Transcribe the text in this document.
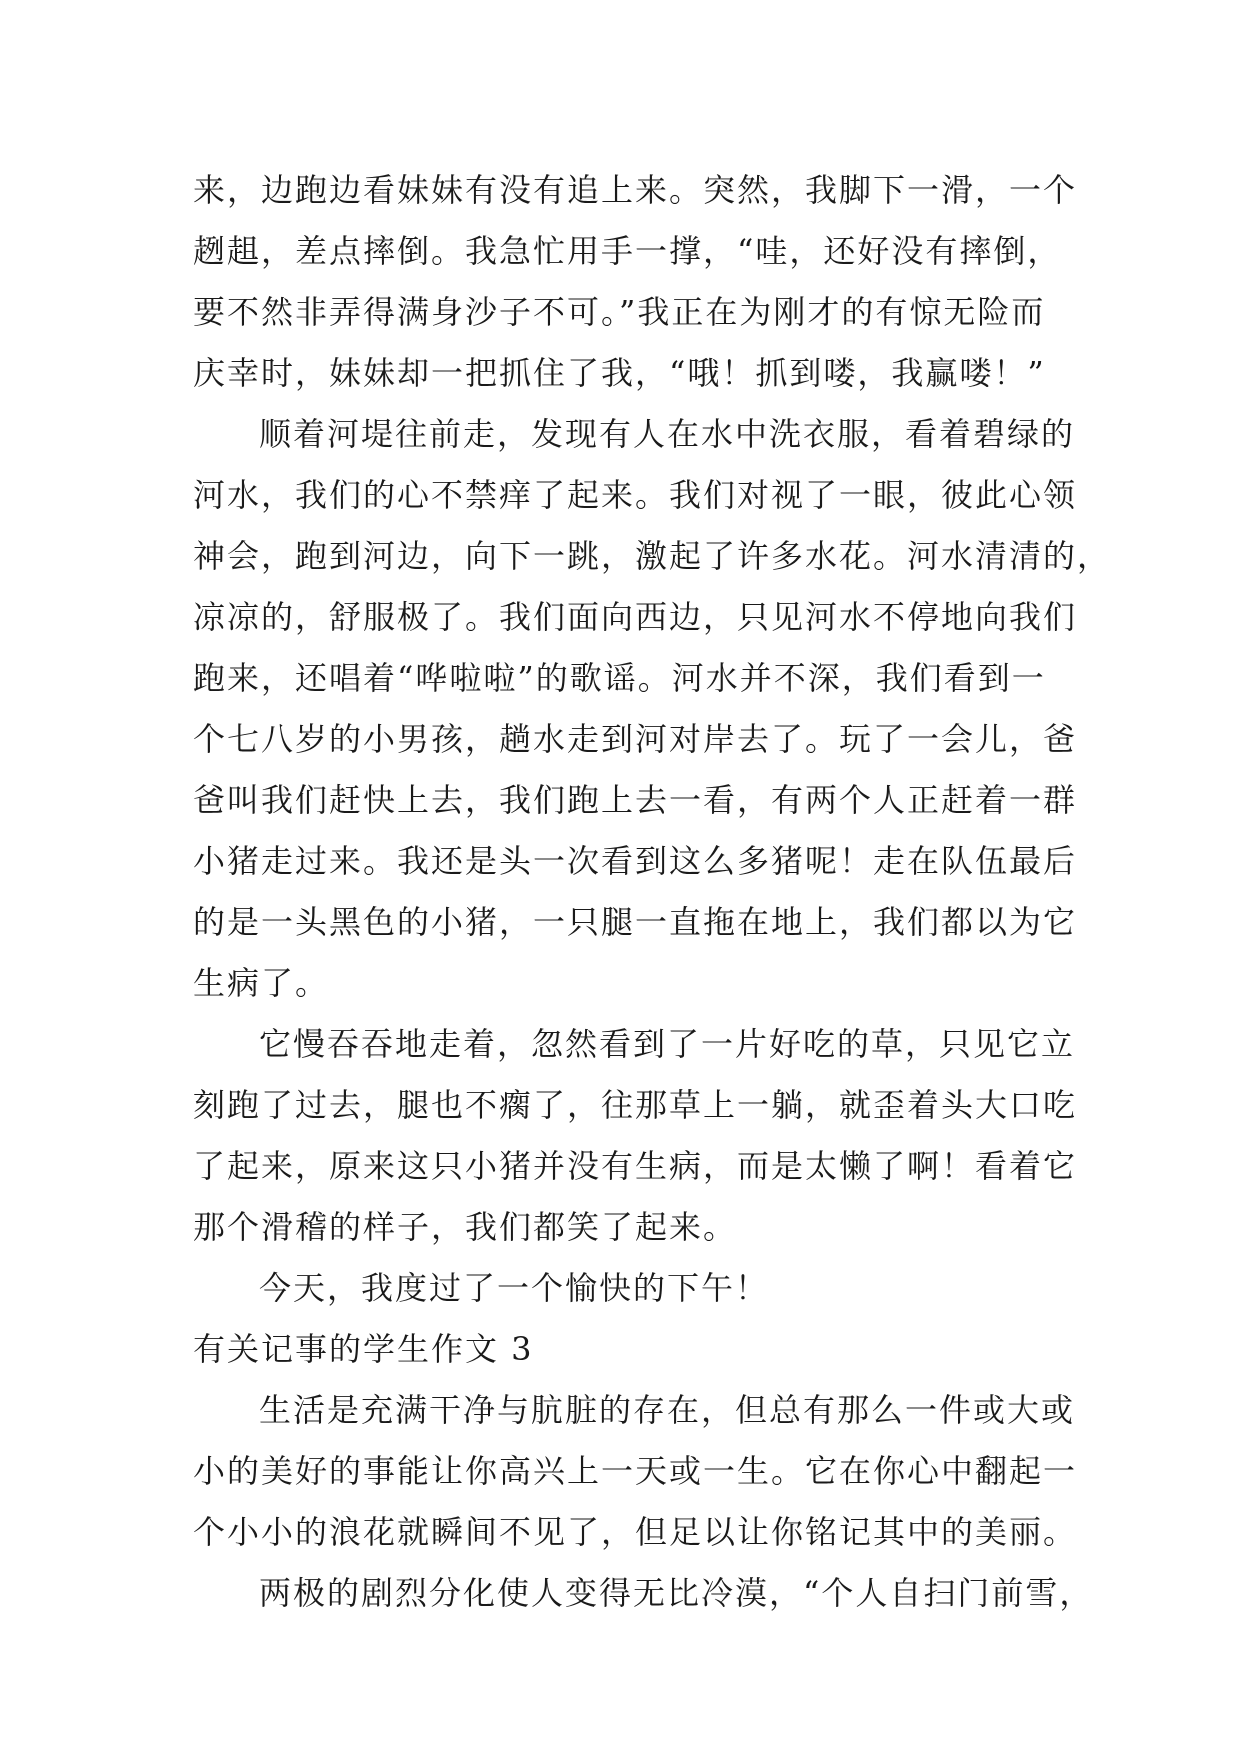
来，边跑边看妹妹有没有追上来。突然，我脚下一滑，一个
趔趄，差点摔倒。我急忙用手一撑，“哇，还好没有摔倒，
要不然非弄得满身沙子不可。”我正在为刚才的有惊无险而
庆幸时，妹妹却一把抓住了我，“哦！抓到喽，我赢喽！”
顺着河堤往前走，发现有人在水中洗衣服，看着碧绿的
河水，我们的心不禁痒了起来。我们对视了一眼，彼此心领
神会，跑到河边，向下一跳，激起了许多水花。河水清清的，
凉凉的，舒服极了。我们面向西边，只见河水不停地向我们
跑来，还唱着“哗啦啦”的歌谣。河水并不深，我们看到一
个七八岁的小男孩，趟水走到河对岸去了。玩了一会儿，爸
爸叫我们赶快上去，我们跑上去一看，有两个人正赶着一群
小猪走过来。我还是头一次看到这么多猪呢！走在队伍最后
的是一头黑色的小猪，一只腿一直拖在地上，我们都以为它
生病了。
它慢吞吞地走着，忽然看到了一片好吃的草，只见它立
刻跑了过去，腿也不瘸了，往那草上一躺，就歪着头大口吃
了起来，原来这只小猪并没有生病，而是太懒了啊！看着它
那个滑稽的样子，我们都笑了起来。
今天，我度过了一个愉快的下午！
有关记事的学生作文 3
生活是充满干净与肮脏的存在，但总有那么一件或大或
小的美好的事能让你高兴上一天或一生。它在你心中翻起一
个小小的浪花就瞬间不见了，但足以让你铭记其中的美丽。
两极的剧烈分化使人变得无比冷漠，“个人自扫门前雪，
